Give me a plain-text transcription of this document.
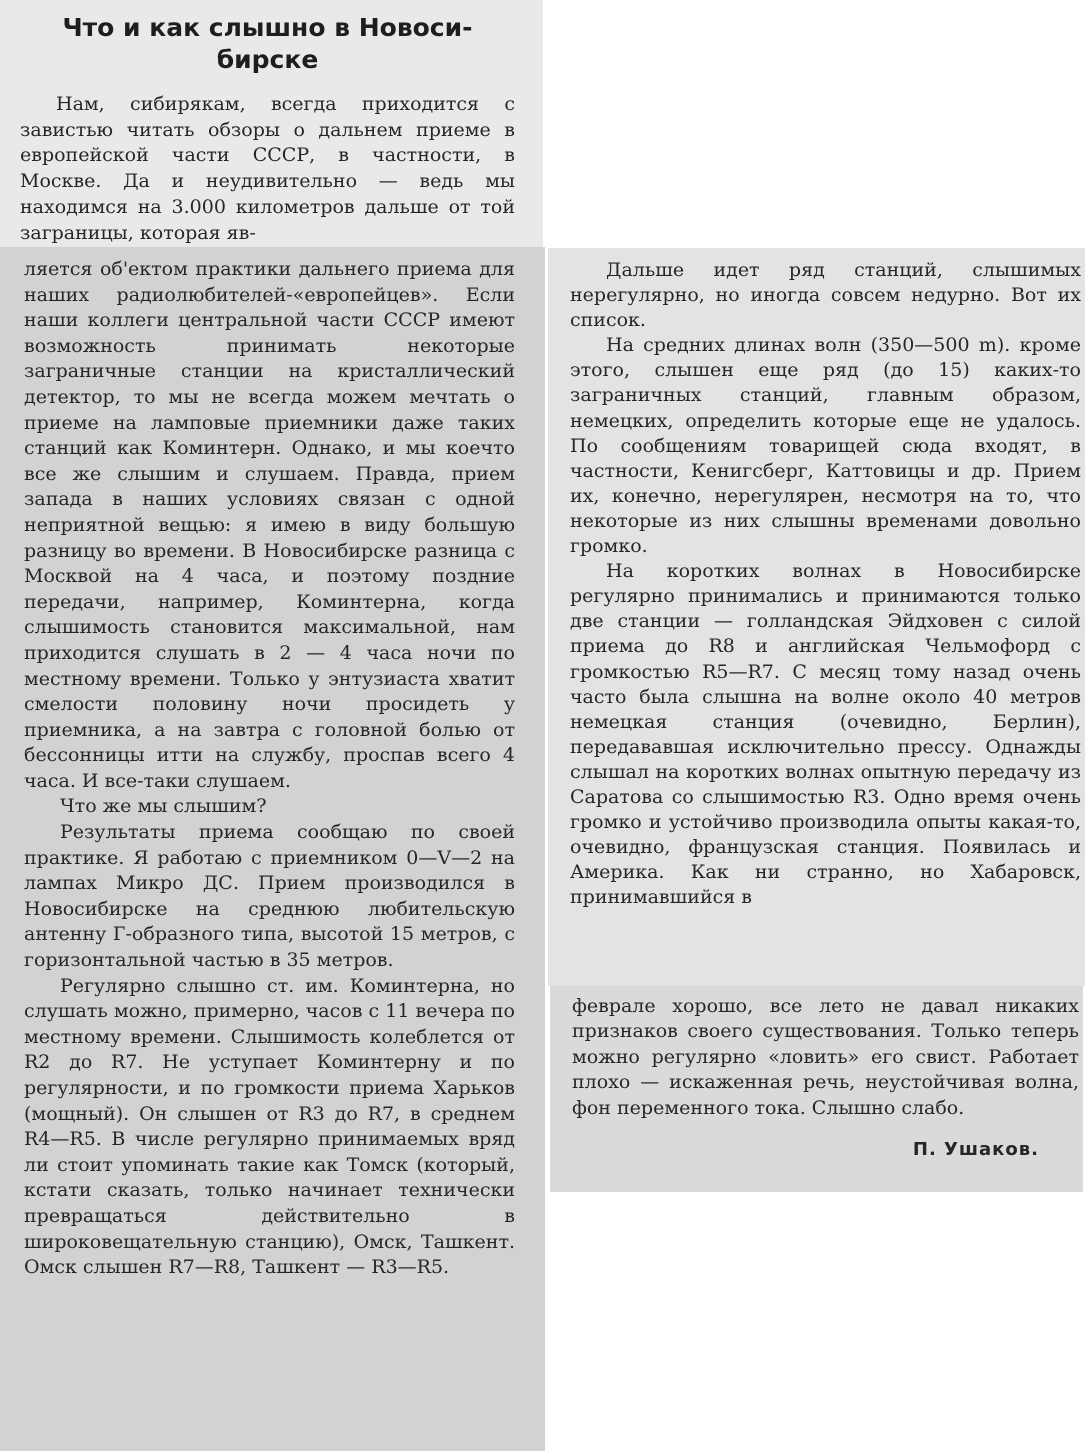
Что и как слышно в Новоси-
бирске

Нам, сибирякам, всегда приходится с завистью читать обзоры о дальнем приеме в европейской части СССР, в частности, в Москве. Да и неудивительно — ведь мы находимся на 3.000 километров дальше от той заграницы, которая яв-

ляется об'ектом практики дальнего приема для наших радиолюбителей-«европейцев». Если наши коллеги центральной части СССР имеют возможность принимать некоторые заграничные станции на кристаллический детектор, то мы не всегда можем мечтать о приеме на ламповые приемники даже таких станций как Коминтерн. Однако, и мы коечто все же слышим и слушаем. Правда, прием запада в наших условиях связан с одной неприятной вещью: я имею в виду большую разницу во времени. В Новосибирске разница с Москвой на 4 часа, и поэтому поздние передачи, например, Коминтерна, когда слышимость становится максимальной, нам приходится слушать в 2 — 4 часа ночи по местному времени. Только у энтузиаста хватит смелости половину ночи просидеть у приемника, а на завтра с головной болью от бессонницы итти на службу, проспав всего 4 часа. И все-таки слушаем.

Что же мы слышим?

Результаты приема сообщаю по своей практике. Я работаю с приемником 0—V—2 на лампах Микро ДС. Прием производился в Новосибирске на среднюю любительскую антенну Г-образного типа, высотой 15 метров, с горизонтальной частью в 35 метров.

Регулярно слышно ст. им. Коминтерна, но слушать можно, примерно, часов с 11 вечера по местному времени. Слышимость колеблется от R2 до R7. Не уступает Коминтерну и по регулярности, и по громкости приема Харьков (мощный). Он слышен от R3 до R7, в среднем R4—R5. В числе регулярно принимаемых вряд ли стоит упоминать такие как Томск (который, кстати сказать, только начинает технически превращаться действительно в широковещательную станцию), Омск, Ташкент. Омск слышен R7—R8, Ташкент — R3—R5.

Дальше идет ряд станций, слышимых нерегулярно, но иногда совсем недурно. Вот их список.

На средних длинах волн (350—500 m). кроме этого, слышен еще ряд (до 15) каких-то заграничных станций, главным образом, немецких, определить которые еще не удалось. По сообщениям товарищей сюда входят, в частности, Кенигсберг, Каттовицы и др. Прием их, конечно, нерегулярен, несмотря на то, что некоторые из них слышны временами довольно громко.

На коротких волнах в Новосибирске регулярно принимались и принимаются только две станции — голландская Эйдховен с силой приема до R8 и английская Чельмофорд с громкостью R5—R7. С месяц тому назад очень часто была слышна на волне около 40 метров немецкая станция (очевидно, Берлин), передававшая исключительно прессу. Однажды слышал на коротких волнах опытную передачу из Саратова со слышимостью R3. Одно время очень громко и устойчиво производила опыты какая-то, очевидно, французская станция. Появилась и Америка. Как ни странно, но Хабаровск, принимавшийся в

феврале хорошо, все лето не давал никаких признаков своего существования. Только теперь можно регулярно «ловить» его свист. Работает плохо — искаженная речь, неустойчивая волна, фон переменного тока. Слышно слабо.

П. Ушаков.
